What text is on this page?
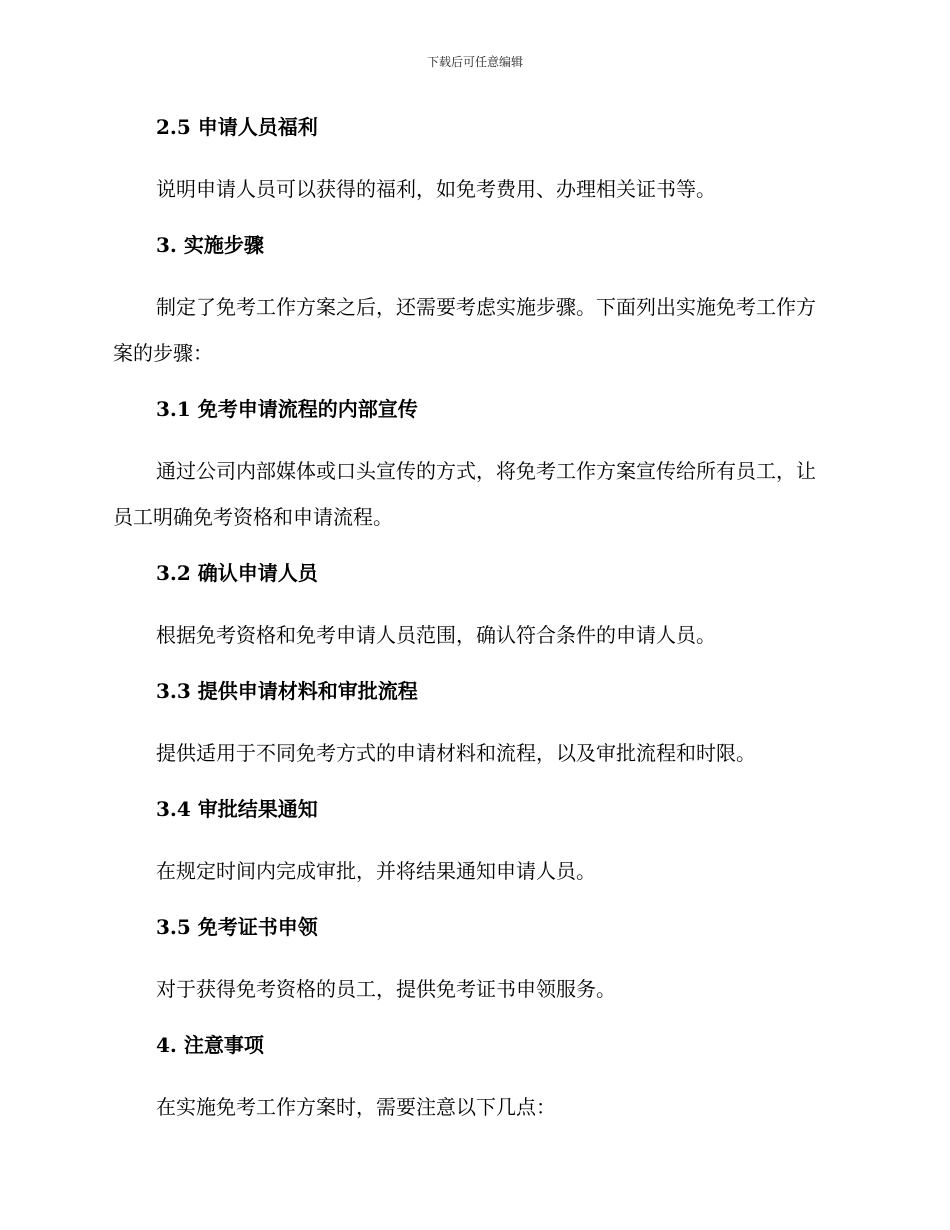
下载后可任意编辑
2.5 申请人员福利

说明申请人员可以获得的福利，如免考费用、办理相关证书等。

3. 实施步骤

制定了免考工作方案之后，还需要考虑实施步骤。下面列出实施免考工作方案的步骤：

3.1 免考申请流程的内部宣传

通过公司内部媒体或口头宣传的方式，将免考工作方案宣传给所有员工，让员工明确免考资格和申请流程。

3.2 确认申请人员

根据免考资格和免考申请人员范围，确认符合条件的申请人员。

3.3 提供申请材料和审批流程

提供适用于不同免考方式的申请材料和流程，以及审批流程和时限。

3.4 审批结果通知

在规定时间内完成审批，并将结果通知申请人员。

3.5 免考证书申领

对于获得免考资格的员工，提供免考证书申领服务。

4. 注意事项

在实施免考工作方案时，需要注意以下几点：
